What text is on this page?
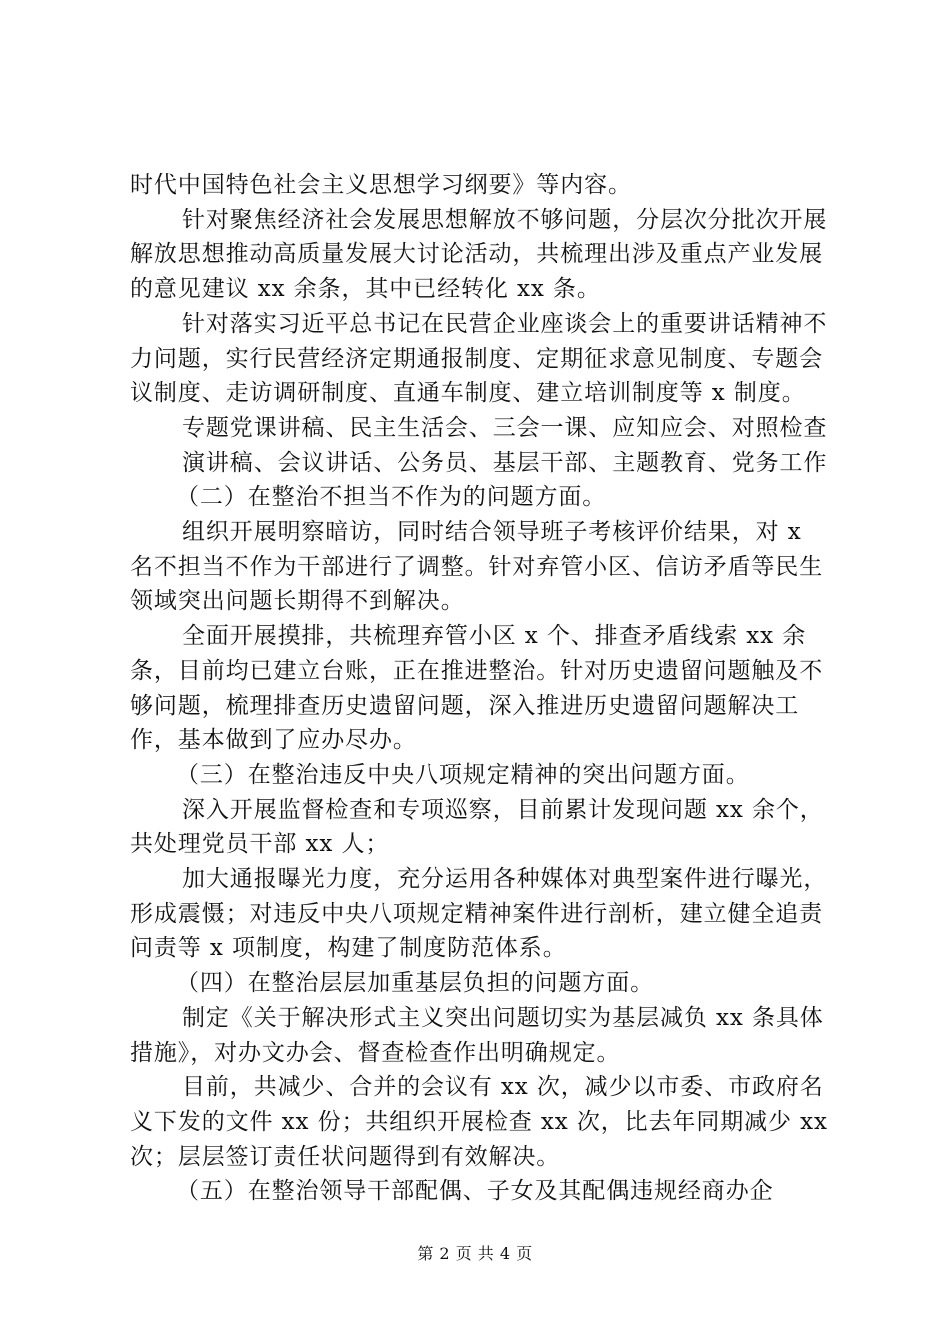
时代中国特色社会主义思想学习纲要》等内容。

针对聚焦经济社会发展思想解放不够问题，分层次分批次开展解放思想推动高质量发展大讨论活动，共梳理出涉及重点产业发展的意见建议 xx 余条，其中已经转化 xx 条。

针对落实习近平总书记在民营企业座谈会上的重要讲话精神不力问题，实行民营经济定期通报制度、定期征求意见制度、专题会议制度、走访调研制度、直通车制度、建立培训制度等 x 制度。

专题党课讲稿、民主生活会、三会一课、应知应会、对照检查

演讲稿、会议讲话、公务员、基层干部、主题教育、党务工作

（二）在整治不担当不作为的问题方面。

组织开展明察暗访，同时结合领导班子考核评价结果，对 x 名不担当不作为干部进行了调整。针对弃管小区、信访矛盾等民生领域突出问题长期得不到解决。

全面开展摸排，共梳理弃管小区 x 个、排查矛盾线索 xx 余条，目前均已建立台账，正在推进整治。针对历史遗留问题触及不够问题，梳理排查历史遗留问题，深入推进历史遗留问题解决工作，基本做到了应办尽办。

（三）在整治违反中央八项规定精神的突出问题方面。

深入开展监督检查和专项巡察，目前累计发现问题 xx 余个，共处理党员干部 xx 人；

加大通报曝光力度，充分运用各种媒体对典型案件进行曝光，形成震慑；对违反中央八项规定精神案件进行剖析，建立健全追责问责等 x 项制度，构建了制度防范体系。

（四）在整治层层加重基层负担的问题方面。

制定《关于解决形式主义突出问题切实为基层减负 xx 条具体措施》，对办文办会、督查检查作出明确规定。

目前，共减少、合并的会议有 xx 次，减少以市委、市政府名义下发的文件 xx 份；共组织开展检查 xx 次，比去年同期减少 xx 次；层层签订责任状问题得到有效解决。

（五）在整治领导干部配偶、子女及其配偶违规经商办企

第 2 页 共 4 页
